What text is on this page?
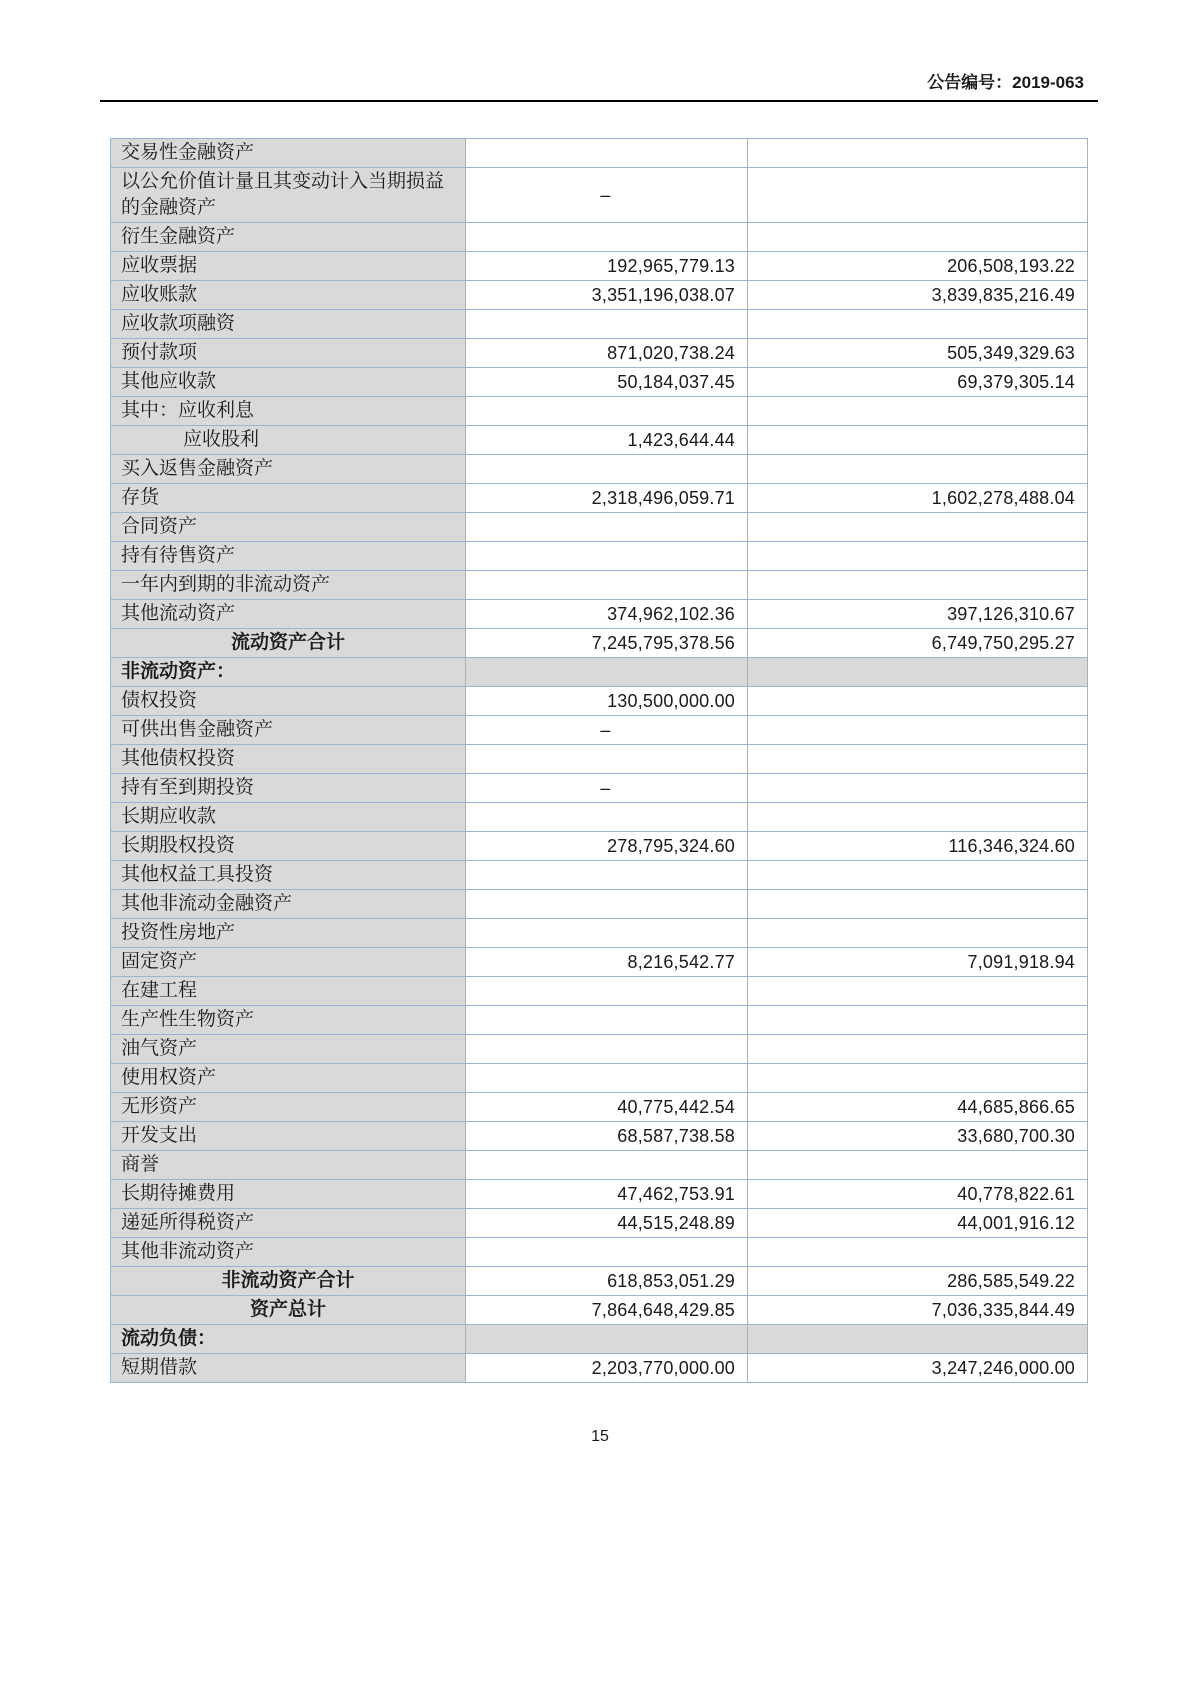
公告编号：2019-063
交易性金融资产		
以公允价值计量且其变动计入当期损益的金融资产	–	
衍生金融资产		
应收票据	192,965,779.13	206,508,193.22
应收账款	3,351,196,038.07	3,839,835,216.49
应收款项融资		
预付款项	871,020,738.24	505,349,329.63
其他应收款	50,184,037.45	69,379,305.14
其中：应收利息		
应收股利	1,423,644.44	
买入返售金融资产		
存货	2,318,496,059.71	1,602,278,488.04
合同资产		
持有待售资产		
一年内到期的非流动资产		
其他流动资产	374,962,102.36	397,126,310.67
流动资产合计	7,245,795,378.56	6,749,750,295.27
非流动资产：		
债权投资	130,500,000.00	
可供出售金融资产	–	
其他债权投资		
持有至到期投资	–	
长期应收款		
长期股权投资	278,795,324.60	116,346,324.60
其他权益工具投资		
其他非流动金融资产		
投资性房地产		
固定资产	8,216,542.77	7,091,918.94
在建工程		
生产性生物资产		
油气资产		
使用权资产		
无形资产	40,775,442.54	44,685,866.65
开发支出	68,587,738.58	33,680,700.30
商誉		
长期待摊费用	47,462,753.91	40,778,822.61
递延所得税资产	44,515,248.89	44,001,916.12
其他非流动资产		
非流动资产合计	618,853,051.29	286,585,549.22
资产总计	7,864,648,429.85	7,036,335,844.49
流动负债：		
短期借款	2,203,770,000.00	3,247,246,000.00
15
